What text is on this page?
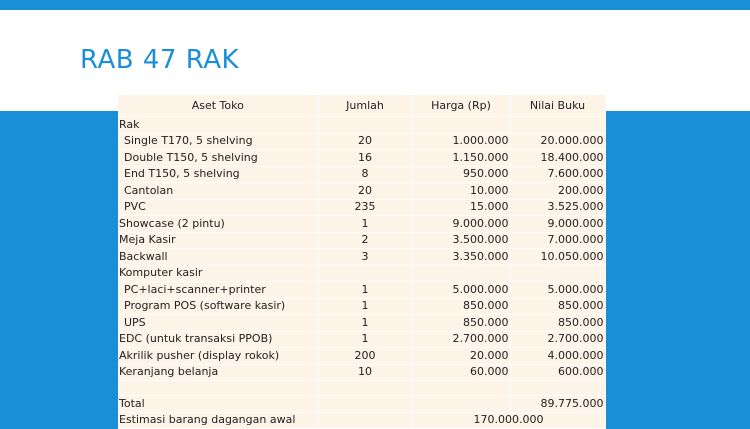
RAB 47 RAK
Aset Toko	Jumlah	Harga (Rp)	Nilai Buku
Rak			
Single T170, 5 shelving	20	1.000.000	20.000.000
Double T150, 5 shelving	16	1.150.000	18.400.000
End T150, 5 shelving	8	950.000	7.600.000
Cantolan	20	10.000	200.000
PVC	235	15.000	3.525.000
Showcase (2 pintu)	1	9.000.000	9.000.000
Meja Kasir	2	3.500.000	7.000.000
Backwall	3	3.350.000	10.050.000
Komputer kasir			
PC+laci+scanner+printer	1	5.000.000	5.000.000
Program POS (software kasir)	1	850.000	850.000
UPS	1	850.000	850.000
EDC (untuk transaksi PPOB)	1	2.700.000	2.700.000
Akrilik pusher (display rokok)	200	20.000	4.000.000
Keranjang belanja	10	60.000	600.000

Total			89.775.000
Estimasi barang dagangan awal		170.000.000	
